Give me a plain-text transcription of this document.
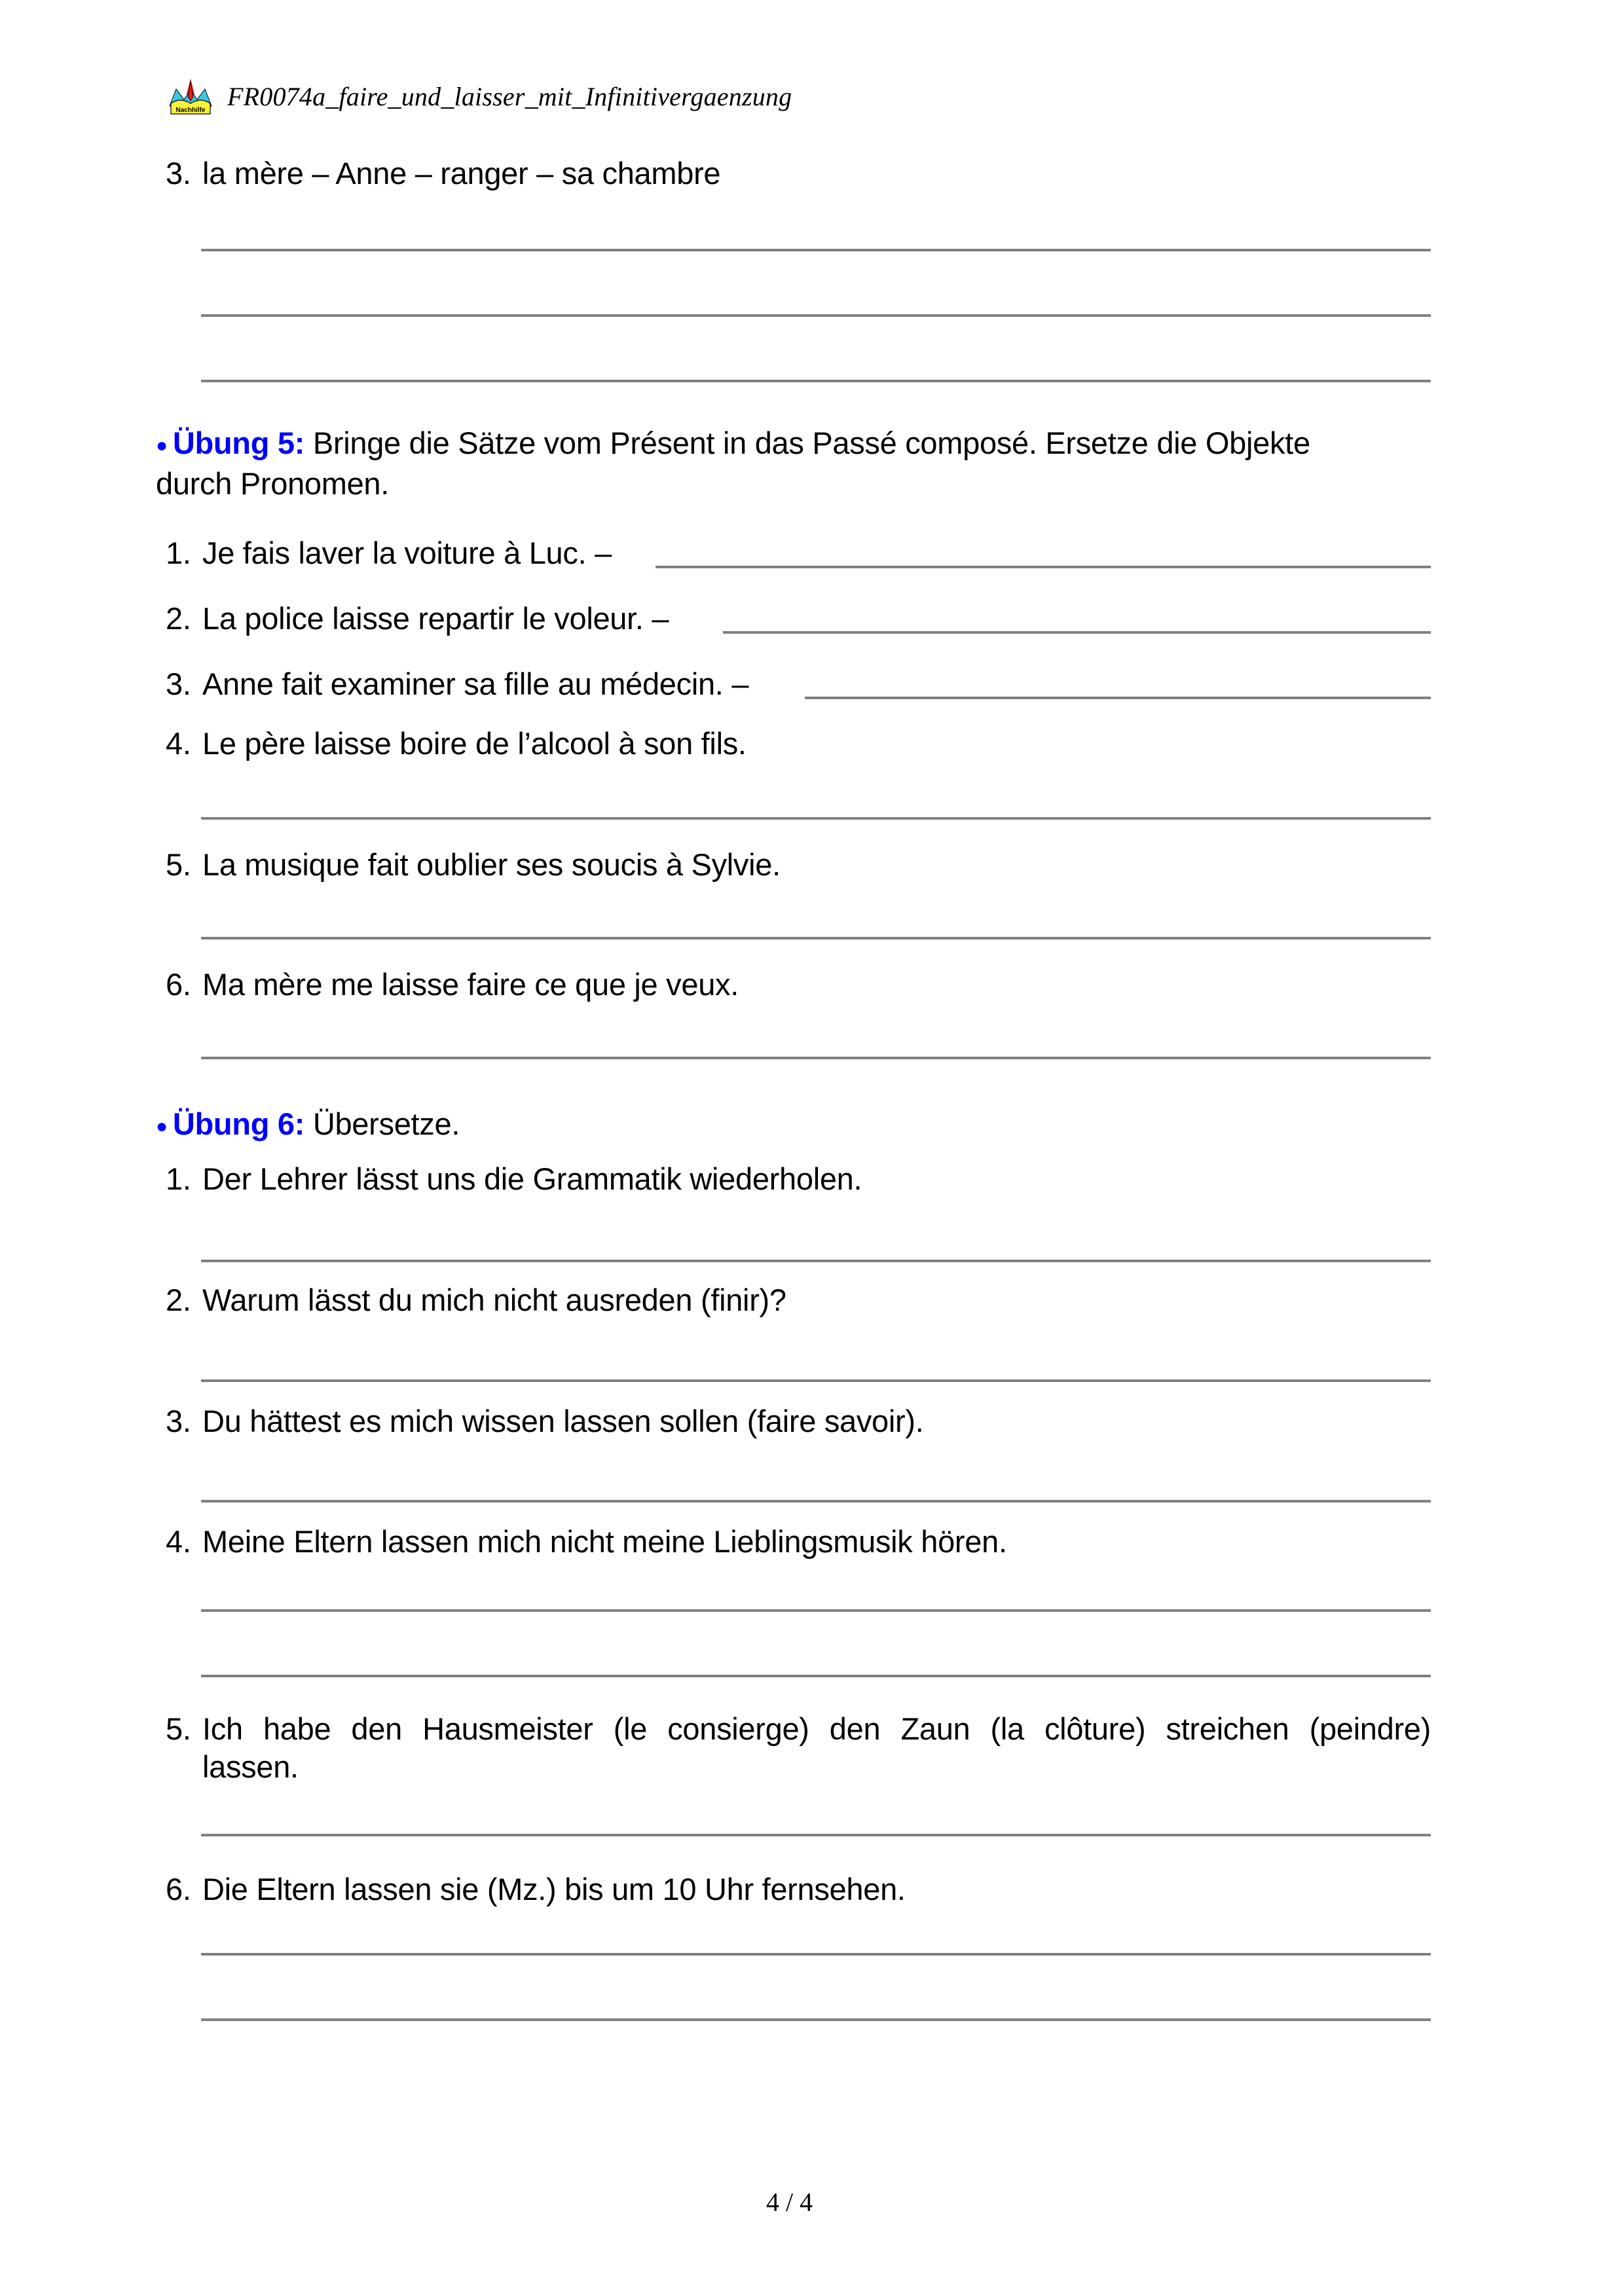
Nachhilfe FR0074a_faire_und_laisser_mit_Infinitivergaenzung
3. la mère – Anne – ranger – sa chambre
● Übung 5: Bringe die Sätze vom Présent in das Passé composé. Ersetze die Objekte
durch Pronomen.
1. Je fais laver la voiture à Luc. –
2. La police laisse repartir le voleur. –
3. Anne fait examiner sa fille au médecin. –
4. Le père laisse boire de l’alcool à son fils.
5. La musique fait oublier ses soucis à Sylvie.
6. Ma mère me laisse faire ce que je veux.
● Übung 6: Übersetze.
1. Der Lehrer lässt uns die Grammatik wiederholen.
2. Warum lässt du mich nicht ausreden (finir)?
3. Du hättest es mich wissen lassen sollen (faire savoir).
4. Meine Eltern lassen mich nicht meine Lieblingsmusik hören.
5. Ich habe den Hausmeister (le consierge) den Zaun (la clôture) streichen (peindre)
lassen.
6. Die Eltern lassen sie (Mz.) bis um 10 Uhr fernsehen.
4 / 4
